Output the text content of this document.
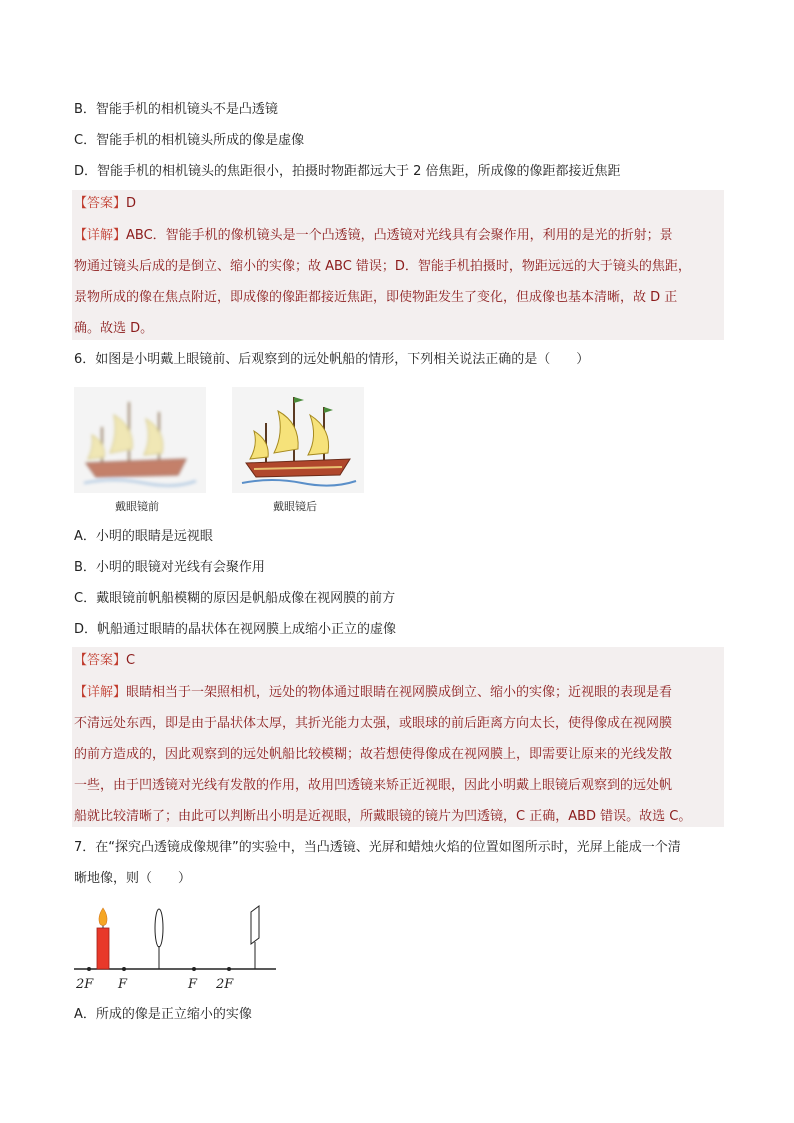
B．智能手机的相机镜头不是凸透镜
C．智能手机的相机镜头所成的像是虚像
D．智能手机的相机镜头的焦距很小，拍摄时物距都远大于 2 倍焦距，所成像的像距都接近焦距
【答案】D
【详解】ABC．智能手机的像机镜头是一个凸透镜，凸透镜对光线具有会聚作用，利用的是光的折射；景
物通过镜头后成的是倒立、缩小的实像；故 ABC 错误；D．智能手机拍摄时，物距远远的大于镜头的焦距，
景物所成的像在焦点附近，即成像的像距都接近焦距，即使物距发生了变化，但成像也基本清晰，故 D 正
确。故选 D。
6．如图是小明戴上眼镜前、后观察到的远处帆船的情形，下列相关说法正确的是（　　）
戴眼镜前	戴眼镜后
A．小明的眼睛是远视眼
B．小明的眼镜对光线有会聚作用
C．戴眼镜前帆船模糊的原因是帆船成像在视网膜的前方
D．帆船通过眼睛的晶状体在视网膜上成缩小正立的虚像
【答案】C
【详解】眼睛相当于一架照相机，远处的物体通过眼睛在视网膜成倒立、缩小的实像；近视眼的表现是看
不清远处东西，即是由于晶状体太厚，其折光能力太强，或眼球的前后距离方向太长，使得像成在视网膜
的前方造成的，因此观察到的远处帆船比较模糊；故若想使得像成在视网膜上，即需要让原来的光线发散
一些，由于凹透镜对光线有发散的作用，故用凹透镜来矫正近视眼，因此小明戴上眼镜后观察到的远处帆
船就比较清晰了；由此可以判断出小明是近视眼，所戴眼镜的镜片为凹透镜，C 正确，ABD 错误。故选 C。
7．在“探究凸透镜成像规律”的实验中，当凸透镜、光屏和蜡烛火焰的位置如图所示时，光屏上能成一个清
晰地像，则（　　）
2F F	F 2F
A．所成的像是正立缩小的实像
